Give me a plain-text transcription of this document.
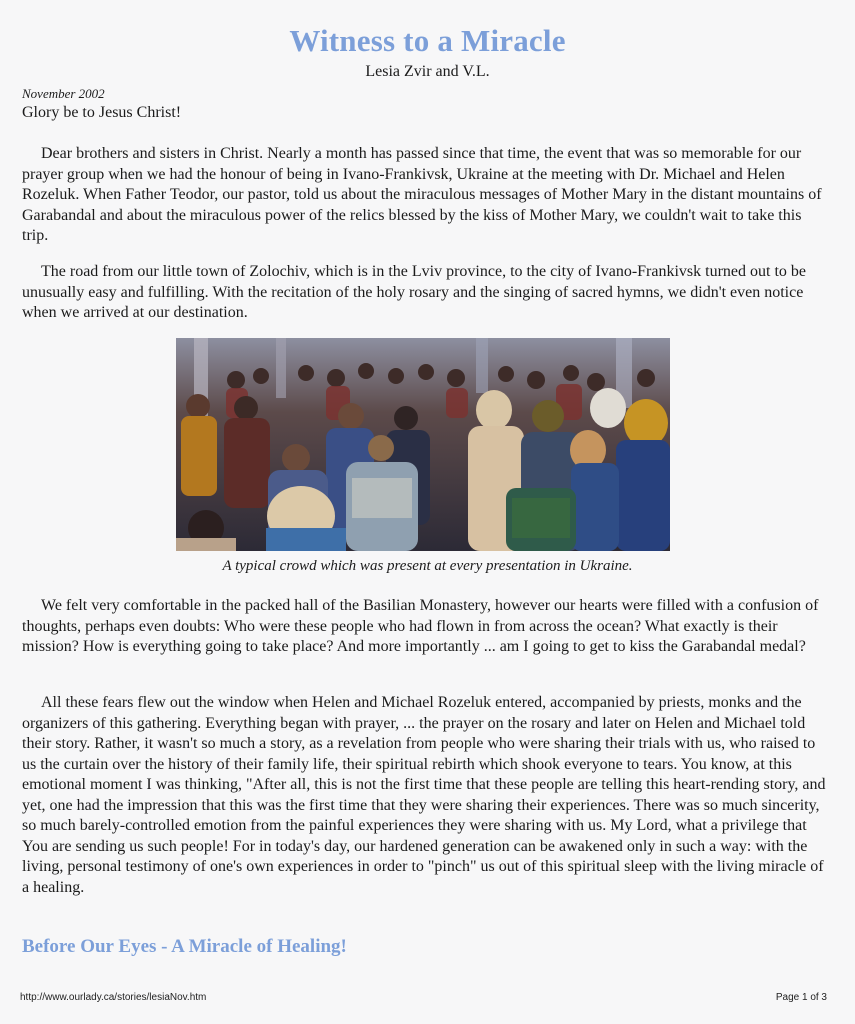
Witness to a Miracle
Lesia Zvir and V.L.
November 2002
Glory be to Jesus Christ!

Dear brothers and sisters in Christ. Nearly a month has passed since that time, the event that was so memorable for our prayer group when we had the honour of being in Ivano-Frankivsk, Ukraine at the meeting with Dr. Michael and Helen Rozeluk. When Father Teodor, our pastor, told us about the miraculous messages of Mother Mary in the distant mountains of Garabandal and about the miraculous power of the relics blessed by the kiss of Mother Mary, we couldn't wait to take this trip.

The road from our little town of Zolochiv, which is in the Lviv province, to the city of Ivano-Frankivsk turned out to be unusually easy and fulfilling. With the recitation of the holy rosary and the singing of sacred hymns, we didn't even notice when we arrived at our destination.

A typical crowd which was present at every presentation in Ukraine.

We felt very comfortable in the packed hall of the Basilian Monastery, however our hearts were filled with a confusion of thoughts, perhaps even doubts: Who were these people who had flown in from across the ocean? What exactly is their mission? How is everything going to take place? And more importantly ... am I going to get to kiss the Garabandal medal?

All these fears flew out the window when Helen and Michael Rozeluk entered, accompanied by priests, monks and the organizers of this gathering. Everything began with prayer, ... the prayer on the rosary and later on Helen and Michael told their story. Rather, it wasn't so much a story, as a revelation from people who were sharing their trials with us, who raised to us the curtain over the history of their family life, their spiritual rebirth which shook everyone to tears. You know, at this emotional moment I was thinking, "After all, this is not the first time that these people are telling this heart-rending story, and yet, one had the impression that this was the first time that they were sharing their experiences. There was so much sincerity, so much barely-controlled emotion from the painful experiences they were sharing with us. My Lord, what a privilege that You are sending us such people! For in today's day, our hardened generation can be awakened only in such a way: with the living, personal testimony of one's own experiences in order to "pinch" us out of this spiritual sleep with the living miracle of a healing.

Before Our Eyes - A Miracle of Healing!
http://www.ourlady.ca/stories/lesiaNov.htm	Page 1 of 3
